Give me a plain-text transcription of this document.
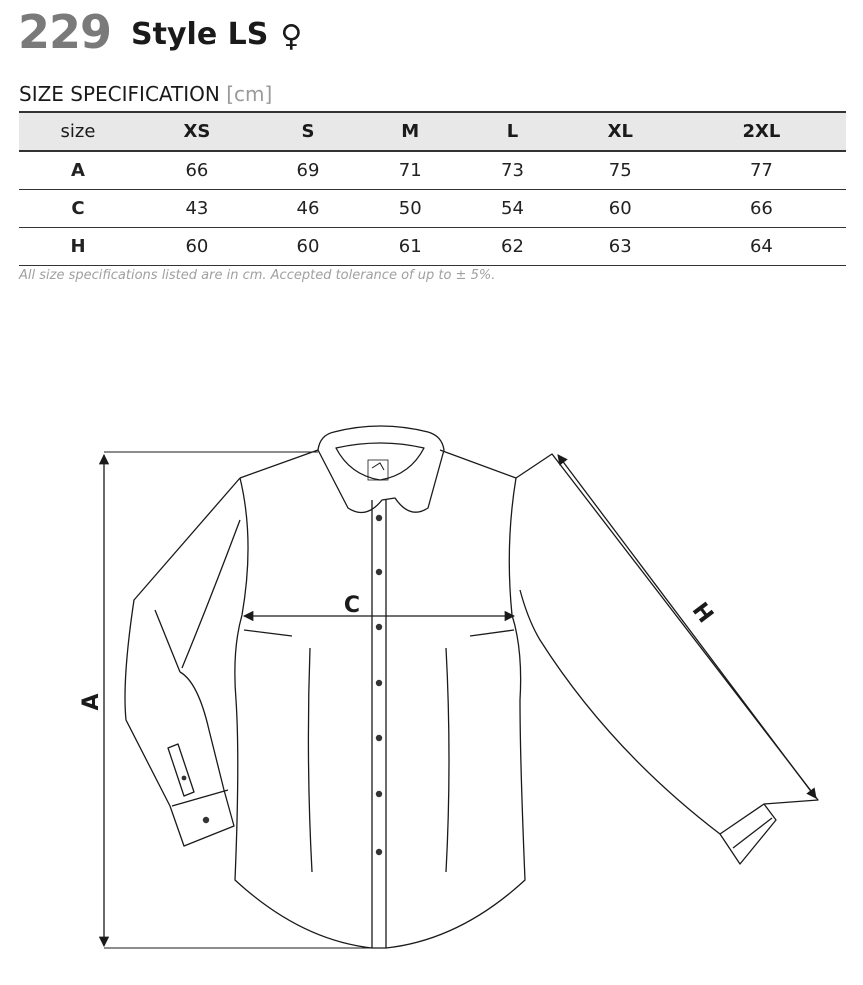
229 Style LS ♀
SIZE SPECIFICATION [cm]
size	XS	S	M	L	XL	2XL
A	66	69	71	73	75	77
C	43	46	50	54	60	66
H	60	60	61	62	63	64
All size specifications listed are in cm. Accepted tolerance of up to ± 5%.
A
C	H
